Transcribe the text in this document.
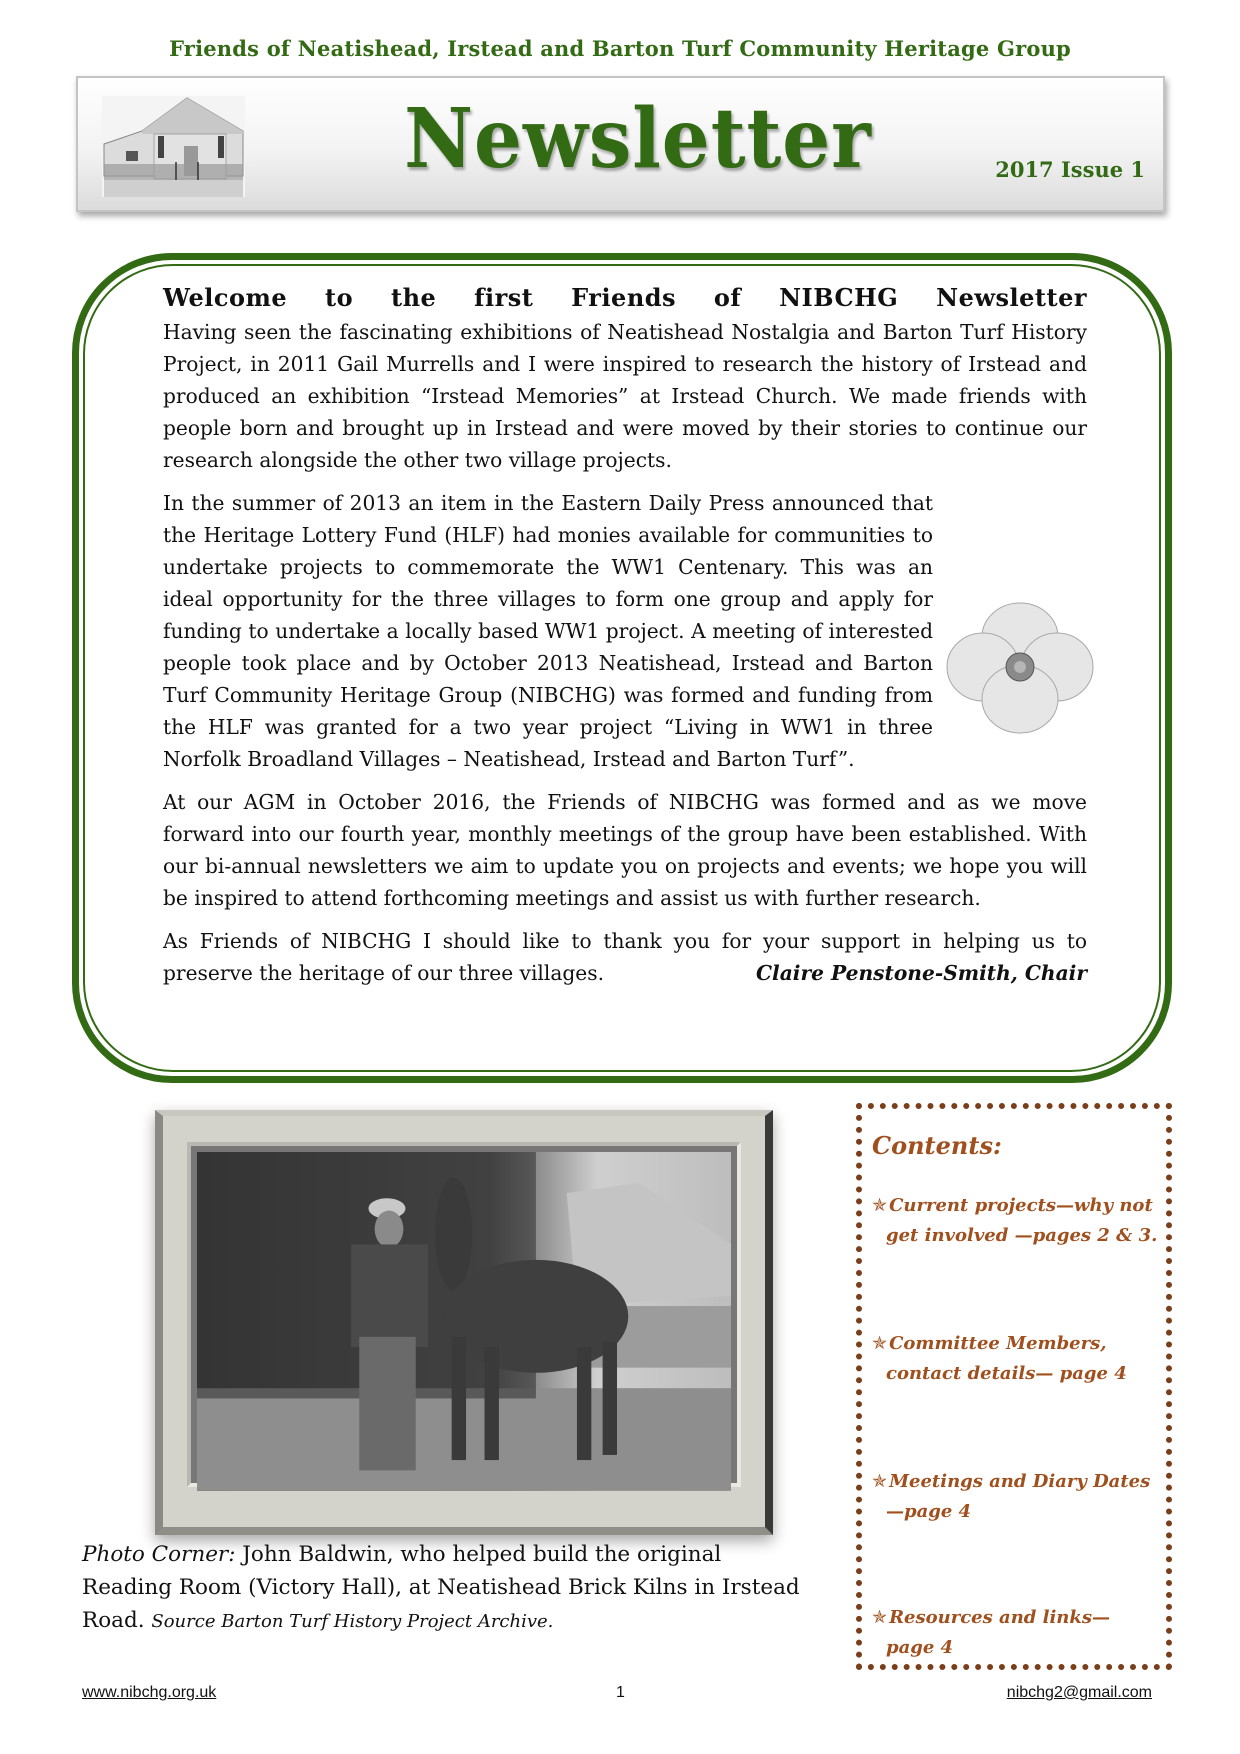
Friends of Neatishead, Irstead and Barton Turf Community Heritage Group
Newsletter	2017 Issue 1

Welcome to the first Friends of NIBCHG Newsletter

Having seen the fascinating exhibitions of Neatishead Nostalgia and Barton Turf History Project, in 2011 Gail Murrells and I were inspired to research the history of Irstead and produced an exhibition “Irstead Memories” at Irstead Church. We made friends with people born and brought up in Irstead and were moved by their stories to continue our research alongside the other two village projects.

In the summer of 2013 an item in the Eastern Daily Press announced that the Heritage Lottery Fund (HLF) had monies available for communities to undertake projects to commemorate the WW1 Centenary. This was an ideal opportunity for the three villages to form one group and apply for funding to undertake a locally based WW1 project. A meeting of interested people took place and by October 2013 Neatishead, Irstead and Barton Turf Community Heritage Group (NIBCHG) was formed and funding from the HLF was granted for a two year project “Living in WW1 in three Norfolk Broadland Villages – Neatishead, Irstead and Barton Turf”.

At our AGM in October 2016, the Friends of NIBCHG was formed and as we move forward into our fourth year, monthly meetings of the group have been established. With our bi-annual newsletters we aim to update you on projects and events; we hope you will be inspired to attend forthcoming meetings and assist us with further research.

As Friends of NIBCHG I should like to thank you for your support in helping us to preserve the heritage of our three villages.	Claire Penstone-Smith, Chair

Photo Corner: John Baldwin, who helped build the original Reading Room (Victory Hall), at Neatishead Brick Kilns in Irstead Road. Source Barton Turf History Project Archive.
Contents:
✯ Current projects—why not get involved —pages 2 & 3.
✯ Committee Members, contact details— page 4
✯ Meetings and Diary Dates—page 4
✯ Resources and links— page 4
www.nibchg.org.uk	1	nibchg2@gmail.com
